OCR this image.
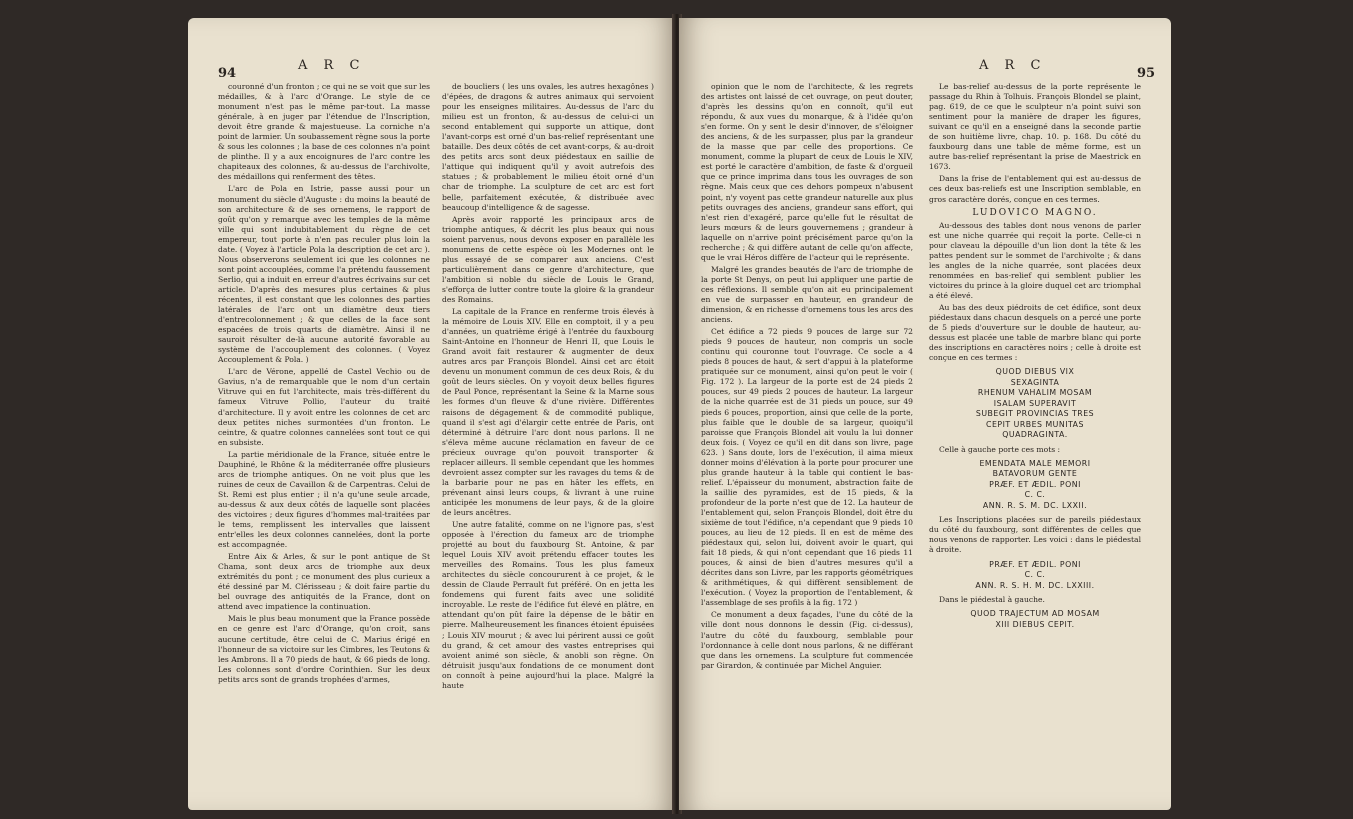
94
A R C

couronné d'un fronton ; ce qui ne se voit que sur les médailles, & à l'arc d'Orange. Le style de ce monument n'est pas le même par-tout. La masse générale, à en juger par l'étendue de l'Inscription, devoit être grande & majestueuse. La corniche n'a point de larmier. Un soubassement règne sous la porte & sous les colonnes ; la base de ces colonnes n'a point de plinthe. Il y a aux encoignures de l'arc contre les chapiteaux des colonnes, & au-dessus de l'archivolte, des médaillons qui renferment des têtes.

L'arc de Pola en Istrie, passe aussi pour un monument du siècle d'Auguste : du moins la beauté de son architecture & de ses ornemens, le rapport de goût qu'on y remarque avec les temples de la même ville qui sont indubitablement du règne de cet empereur, tout porte à n'en pas reculer plus loin la date. ( Voyez à l'article Pola la description de cet arc ). Nous observerons seulement ici que les colonnes ne sont point accouplées, comme l'a prétendu faussement Serlio, qui a induit en erreur d'autres écrivains sur cet article. D'après des mesures plus certaines & plus récentes, il est constant que les colonnes des parties latérales de l'arc ont un diamètre deux tiers d'entrecolonnement ; & que celles de la face sont espacées de trois quarts de diamètre. Ainsi il ne sauroit résulter de-là aucune autorité favorable au système de l'accouplement des colonnes. ( Voyez Accouplement & Pola. )

L'arc de Vérone, appellé de Castel Vechio ou de Gavius, n'a de remarquable que le nom d'un certain Vitruve qui en fut l'architecte, mais très-différent du fameux Vitruve Pollio, l'auteur du traité d'architecture. Il y avoit entre les colonnes de cet arc deux petites niches surmontées d'un fronton. Le ceintre, & quatre colonnes cannelées sont tout ce qui en subsiste.

La partie méridionale de la France, située entre le Dauphiné, le Rhône & la méditerranée offre plusieurs arcs de triomphe antiques. On ne voit plus que les ruines de ceux de Cavaillon & de Carpentras. Celui de St. Remi est plus entier ; il n'a qu'une seule arcade, au-dessus & aux deux côtés de laquelle sont placées des victoires ; deux figures d'hommes mal-traitées par le tems, remplissent les intervalles que laissent entr'elles les deux colonnes cannelées, dont la porte est accompagnée.

Entre Aix & Arles, & sur le pont antique de St Chama, sont deux arcs de triomphe aux deux extrémités du pont ; ce monument des plus curieux a été dessiné par M. Clérisseau ; & doit faire partie du bel ouvrage des antiquités de la France, dont on attend avec impatience la continuation.

Mais le plus beau monument que la France possède en ce genre est l'arc d'Orange, qu'on croit, sans aucune certitude, être celui de C. Marius érigé en l'honneur de sa victoire sur les Cimbres, les Teutons & les Ambrons. Il a 70 pieds de haut, & 66 pieds de long. Les colonnes sont d'ordre Corinthien. Sur les deux petits arcs sont de grands trophées d'armes,

de boucliers ( les uns ovales, les autres hexagônes ) d'épées, de dragons & autres animaux qui servoient pour les enseignes militaires. Au-dessus de l'arc du milieu est un fronton, & au-dessus de celui-ci un second entablement qui supporte un attique, dont l'avant-corps est orné d'un bas-relief représentant une bataille. Des deux côtés de cet avant-corps, & au-droit des petits arcs sont deux piédestaux en saillie de l'attique qui indiquent qu'il y avoit autrefois des statues ; & probablement le milieu étoit orné d'un char de triomphe. La sculpture de cet arc est fort belle, parfaitement exécutée, & distribuée avec beaucoup d'intelligence & de sagesse.

Après avoir rapporté les principaux arcs de triomphe antiques, & décrit les plus beaux qui nous soient parvenus, nous devons exposer en parallèle les monumens de cette espèce où les Modernes ont le plus essayé de se comparer aux anciens. C'est particulièrement dans ce genre d'architecture, que l'ambition si noble du siècle de Louis le Grand, s'efforça de lutter contre toute la gloire & la grandeur des Romains.

La capitale de la France en renferme trois élevés à la mémoire de Louis XIV. Elle en comptoit, il y a peu d'années, un quatrième érigé à l'entrée du fauxbourg Saint-Antoine en l'honneur de Henri II, que Louis le Grand avoit fait restaurer & augmenter de deux autres arcs par François Blondel. Ainsi cet arc étoit devenu un monument commun de ces deux Rois, & du goût de leurs siècles. On y voyoit deux belles figures de Paul Ponce, représentant la Seine & la Marne sous les formes d'un fleuve & d'une rivière. Différentes raisons de dégagement & de commodité publique, quand il s'est agi d'élargir cette entrée de Paris, ont déterminé à détruire l'arc dont nous parlons. Il ne s'éleva même aucune réclamation en faveur de ce précieux ouvrage qu'on pouvoit transporter & replacer ailleurs. Il semble cependant que les hommes devroient assez compter sur les ravages du tems & de la barbarie pour ne pas en hâter les effets, en prévenant ainsi leurs coups, & livrant à une ruine anticipée les monumens de leur pays, & de la gloire de leurs ancêtres.

Une autre fatalité, comme on ne l'ignore pas, s'est opposée à l'érection du fameux arc de triomphe projetté au bout du fauxbourg St. Antoine, & par lequel Louis XIV avoit prétendu effacer toutes les merveilles des Romains. Tous les plus fameux architectes du siècle concoururent à ce projet, & le dessin de Claude Perrault fut préféré. On en jetta les fondemens qui furent faits avec une solidité incroyable. Le reste de l'édifice fut élevé en plâtre, en attendant qu'on pût faire la dépense de le bâtir en pierre. Malheureusement les finances étoient épuisées ; Louis XIV mourut ; & avec lui périrent aussi ce goût du grand, & cet amour des vastes entreprises qui avoient animé son siècle, & anobli son règne. On détruisit jusqu'aux fondations de ce monument dont on connoît à peine aujourd'hui la place. Malgré la haute

A R C
95

opinion que le nom de l'architecte, & les regrets des artistes ont laissé de cet ouvrage, on peut douter, d'après les dessins qu'on en connoît, qu'il eut répondu, & aux vues du monarque, & à l'idée qu'on s'en forme. On y sent le desir d'innover, de s'éloigner des anciens, & de les surpasser, plus par la grandeur de la masse que par celle des proportions. Ce monument, comme la plupart de ceux de Louis le XIV, est porté le caractère d'ambition, de faste & d'orgueil que ce prince imprima dans tous les ouvrages de son règne. Mais ceux que ces dehors pompeux n'abusent point, n'y voyent pas cette grandeur naturelle aux plus petits ouvrages des anciens, grandeur sans effort, qui n'est rien d'exagéré, parce qu'elle fut le résultat de leurs mœurs & de leurs gouvernemens ; grandeur à laquelle on n'arrive point précisément parce qu'on la recherche ; & qui diffère autant de celle qu'on affecte, que le vrai Héros diffère de l'acteur qui le représente.

Malgré les grandes beautés de l'arc de triomphe de la porte St Denys, on peut lui appliquer une partie de ces réflexions. Il semble qu'on ait eu principalement en vue de surpasser en hauteur, en grandeur de dimension, & en richesse d'ornemens tous les arcs des anciens.

Cet édifice a 72 pieds 9 pouces de large sur 72 pieds 9 pouces de hauteur, non compris un socle continu qui couronne tout l'ouvrage. Ce socle a 4 pieds 8 pouces de haut, & sert d'appui à la plateforme pratiquée sur ce monument, ainsi qu'on peut le voir ( Fig. 172 ). La largeur de la porte est de 24 pieds 2 pouces, sur 49 pieds 2 pouces de hauteur. La largeur de la niche quarrée est de 31 pieds un pouce, sur 49 pieds 6 pouces, proportion, ainsi que celle de la porte, plus faible que le double de sa largeur, quoiqu'il paroisse que François Blondel ait voulu la lui donner deux fois. ( Voyez ce qu'il en dit dans son livre, page 623. ) Sans doute, lors de l'exécution, il aima mieux donner moins d'élévation à la porte pour procurer une plus grande hauteur à la table qui contient le bas-relief. L'épaisseur du monument, abstraction faite de la saillie des pyramides, est de 15 pieds, & la profondeur de la porte n'est que de 12. La hauteur de l'entablement qui, selon François Blondel, doit être du sixième de tout l'édifice, n'a cependant que 9 pieds 10 pouces, au lieu de 12 pieds. Il en est de même des piédestaux qui, selon lui, doivent avoir le quart, qui fait 18 pieds, & qui n'ont cependant que 16 pieds 11 pouces, & ainsi de bien d'autres mesures qu'il a décrites dans son Livre, par les rapports géométriques & arithmétiques, & qui diffèrent sensiblement de l'exécution. ( Voyez la proportion de l'entablement, & l'assemblage de ses profils à la fig. 172 )

Ce monument a deux façades, l'une du côté de la ville dont nous donnons le dessin (Fig. ci-dessus), l'autre du côté du fauxbourg, semblable pour l'ordonnance à celle dont nous parlons, & ne différant que dans les ornemens. La sculpture fut commencée par Girardon, & continuée par Michel Anguier.

Le bas-relief au-dessus de la porte représente le passage du Rhin à Tolhuis. François Blondel se plaint, pag. 619, de ce que le sculpteur n'a point suivi son sentiment pour la manière de draper les figures, suivant ce qu'il en a enseigné dans la seconde partie de son huitième livre, chap. 10. p. 168. Du côté du fauxbourg dans une table de même forme, est un autre bas-relief représentant la prise de Maestrick en 1673.

Dans la frise de l'entablement qui est au-dessus de ces deux bas-reliefs est une Inscription semblable, en gros caractère dorés, conçue en ces termes.

LUDOVICO MAGNO.

Au-dessous des tables dont nous venons de parler est une niche quarrée qui reçoit la porte. Celle-ci n pour claveau la dépouille d'un lion dont la tête & les pattes pendent sur le sommet de l'archivolte ; & dans les angles de la niche quarrée, sont placées deux renommées en bas-relief qui semblent publier les victoires du prince à la gloire duquel cet arc triomphal a été élevé.

Au bas des deux piédroits de cet édifice, sont deux piédestaux dans chacun desquels on a percé une porte de 5 pieds d'ouverture sur le double de hauteur, au-dessus est placée une table de marbre blanc qui porte des inscriptions en caractères noirs ; celle à droite est conçue en ces termes :

QUOD DIEBUS VIX
SEXAGINTA
RHENUM VAHALIM MOSAM
ISALAM SUPERAVIT
SUBEGIT PROVINCIAS TRES
CEPIT URBES MUNITAS
QUADRAGINTA.

Celle à gauche porte ces mots :

EMENDATA MALE MEMORI
BATAVORUM GENTE
PRÆF. ET ÆDIL. PONI
C. C.
ANN. R. S. M. DC. LXXII.

Les Inscriptions placées sur de pareils piédestaux du côté du fauxbourg, sont différentes de celles que nous venons de rapporter. Les voici : dans le piédestal à droite.

PRÆF. ET ÆDIL. PONI
C. C.
ANN. R. S. H. M. DC. LXXIII.

Dans le piédestal à gauche.

QUOD TRAJECTUM AD MOSAM
XIII DIEBUS CEPIT.
